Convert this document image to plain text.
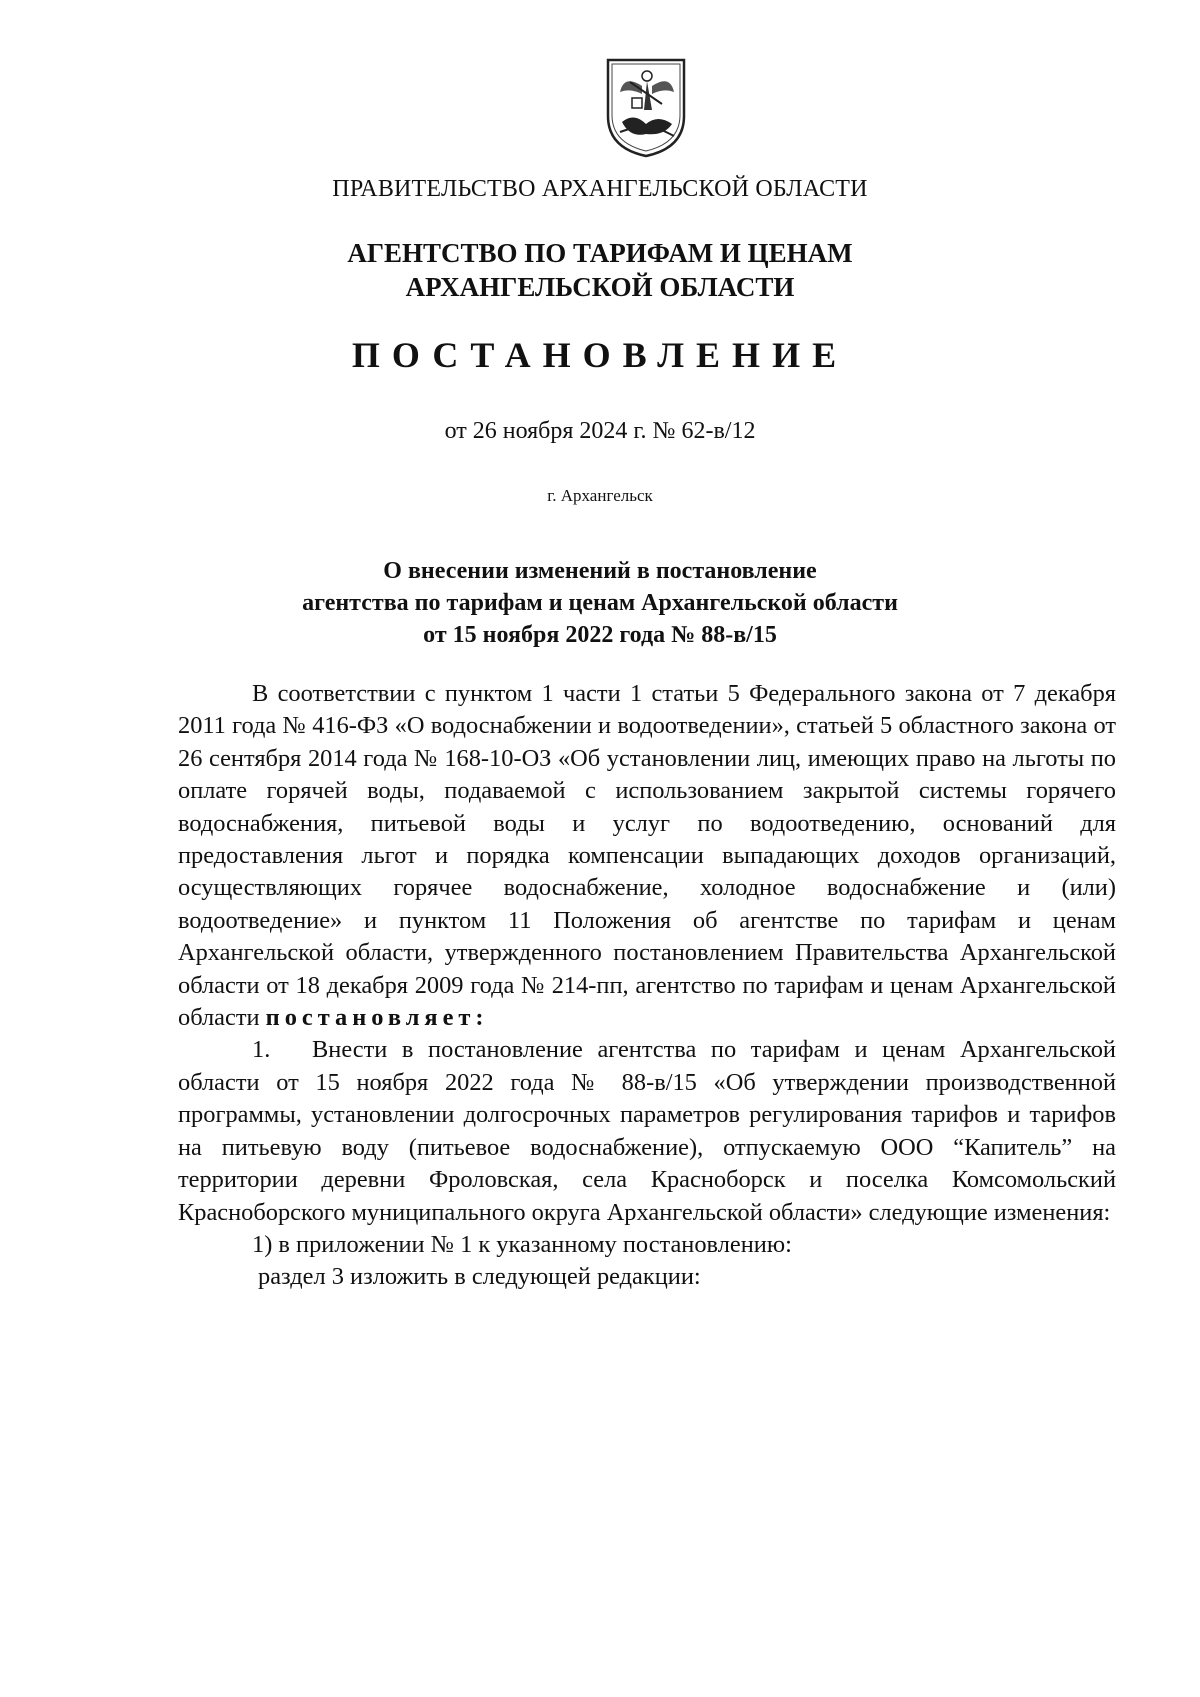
ПРАВИТЕЛЬСТВО АРХАНГЕЛЬСКОЙ ОБЛАСТИ
АГЕНТСТВО ПО ТАРИФАМ И ЦЕНАМ
АРХАНГЕЛЬСКОЙ ОБЛАСТИ
ПОСТАНОВЛЕНИЕ
от 26 ноября 2024 г. № 62-в/12
г. Архангельск
О внесении изменений в постановление
агентства по тарифам и ценам Архангельской области
от 15 ноября 2022 года № 88-в/15

В соответствии с пунктом 1 части 1 статьи 5 Федерального закона от 7 декабря 2011 года № 416-ФЗ «О водоснабжении и водоотведении», статьей 5 областного закона от 26 сентября 2014 года № 168-10-ОЗ «Об установлении лиц, имеющих право на льготы по оплате горячей воды, подаваемой с использованием закрытой системы горячего водоснабжения, питьевой воды и услуг по водоотведению, оснований для предоставления льгот и порядка компенсации выпадающих доходов организаций, осуществляющих горячее водоснабжение, холодное водоснабжение и (или) водоотведение» и пунктом 11 Положения об агентстве по тарифам и ценам Архангельской области, утвержденного постановлением Правительства Архангельской области от 18 декабря 2009 года № 214-пп, агентство по тарифам и ценам Архангельской области постановляет:

1. Внести в постановление агентства по тарифам и ценам Архангельской области от 15 ноября 2022 года № 88-в/15 «Об утверждении производственной программы, установлении долгосрочных параметров регулирования тарифов и тарифов на питьевую воду (питьевое водоснабжение), отпускаемую ООО “Капитель” на территории деревни Фроловская, села Красноборск и поселка Комсомольский Красноборского муниципального округа Архангельской области» следующие изменения:

1) в приложении № 1 к указанному постановлению:

раздел 3 изложить в следующей редакции:
